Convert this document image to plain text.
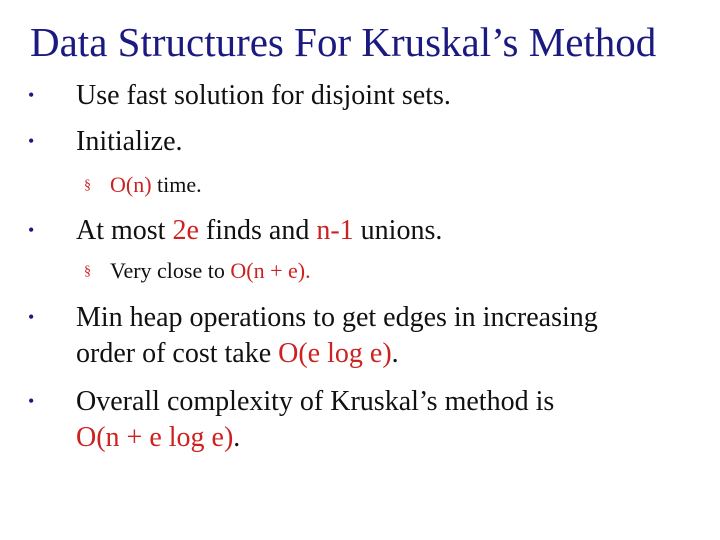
Data Structures For Kruskal’s Method
• Use fast solution for disjoint sets.
• Initialize.
§ O(n) time.
• At most 2e finds and n-1 unions.
§ Very close to O(n + e).
• Min heap operations to get edges in increasing
order of cost take O(e log e).
• Overall complexity of Kruskal’s method is
O(n + e log e).
